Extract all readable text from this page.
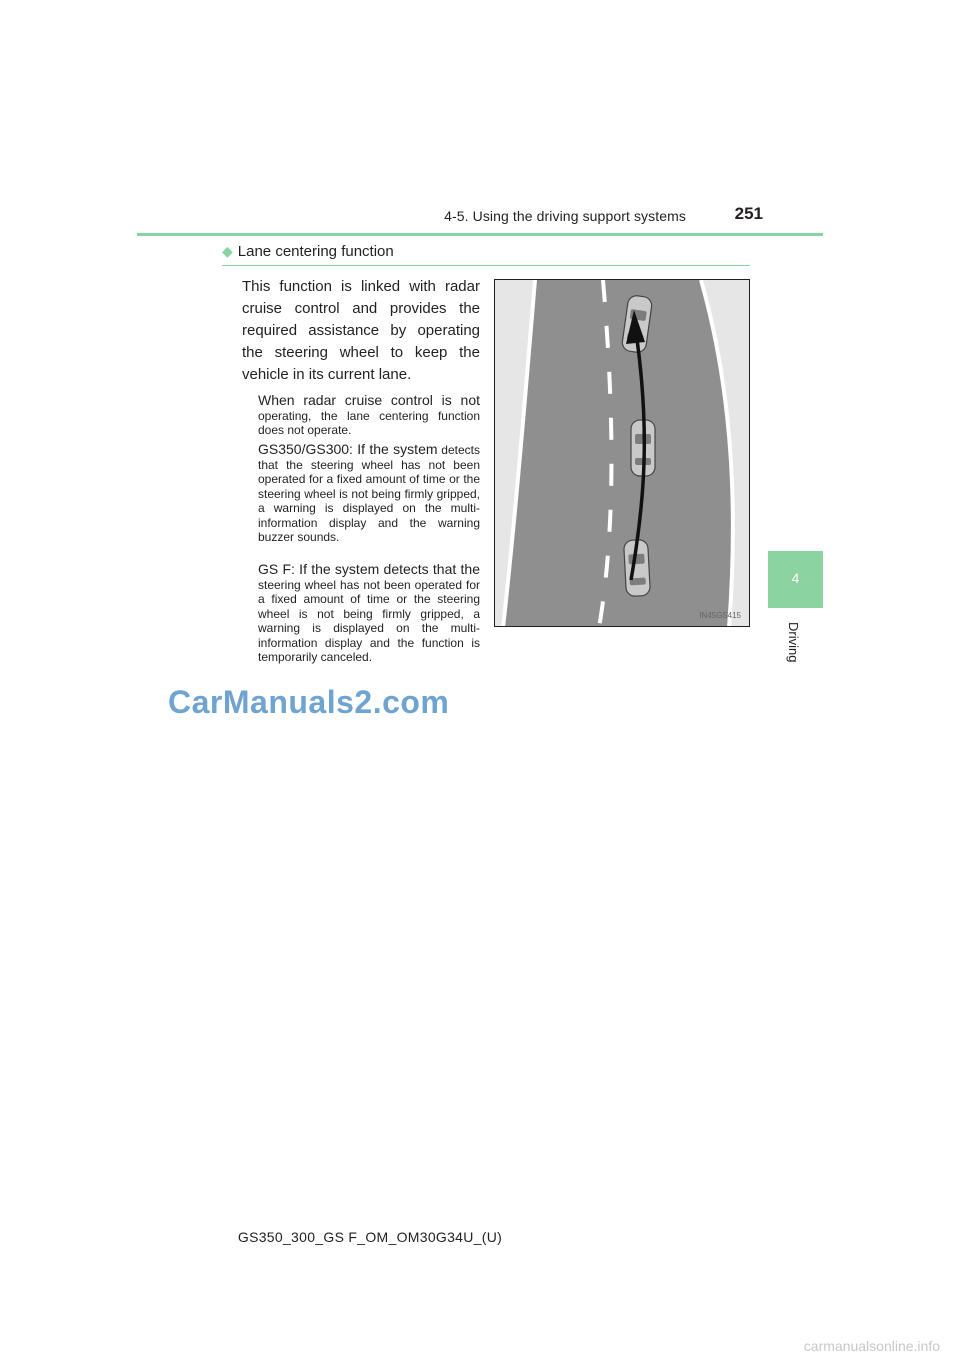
4-5. Using the driving support systems	251
4
Driving
◆ Lane centering function
This function is linked with radar cruise control and provides the required assistance by operating the steering wheel to keep the vehicle in its current lane.
When radar cruise control is not operating, the lane centering function does not operate.
GS350/GS300: If the system detects that the steering wheel has not been operated for a fixed amount of time or the steering wheel is not being firmly gripped, a warning is displayed on the multi-information display and the warning buzzer sounds.
GS F: If the system detects that the steering wheel has not been operated for a fixed amount of time or the steering wheel is not being firmly gripped, a warning is displayed on the multi-information display and the function is temporarily canceled.
IN45GS415
CarManuals2.com
GS350_300_GS F_OM_OM30G34U_(U)
carmanualsonline.info
